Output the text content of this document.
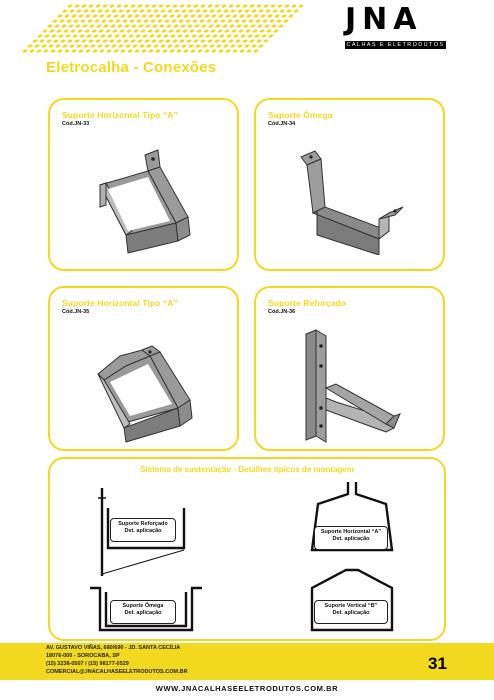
JNA
CALHAS E ELETRODUTOS
Eletrocalha - Conexões
Suporte Horizontal Tipo “A”
Cód.JN-33
Suporte Ômega
Cód.JN-34
Suporte Horizontal Tipo “A”
Cód.JN-35
Suporte Reforçado
Cód.JN-36
Sistema de sustentação - Detalhes típicos de montagem
Suporte Reforçado
Det. aplicação	Suporte Horizontal “A”
Det. aplicação
Suporte Ômega
Det. aplicação
Suporte Vertical “B”
Det. aplicação
AV. GUSTAVO VIÑAS, 680/690 - JD. SANTA CECÍLIA
18076-000 - SOROCABA, SP
(15) 3238-0507 / (15) 98177-0529
COMERCIAL@JNACALHASEELETRODUTOS.COM.BR	31
WWW.JNACALHASEELETRODUTOS.COM.BR
